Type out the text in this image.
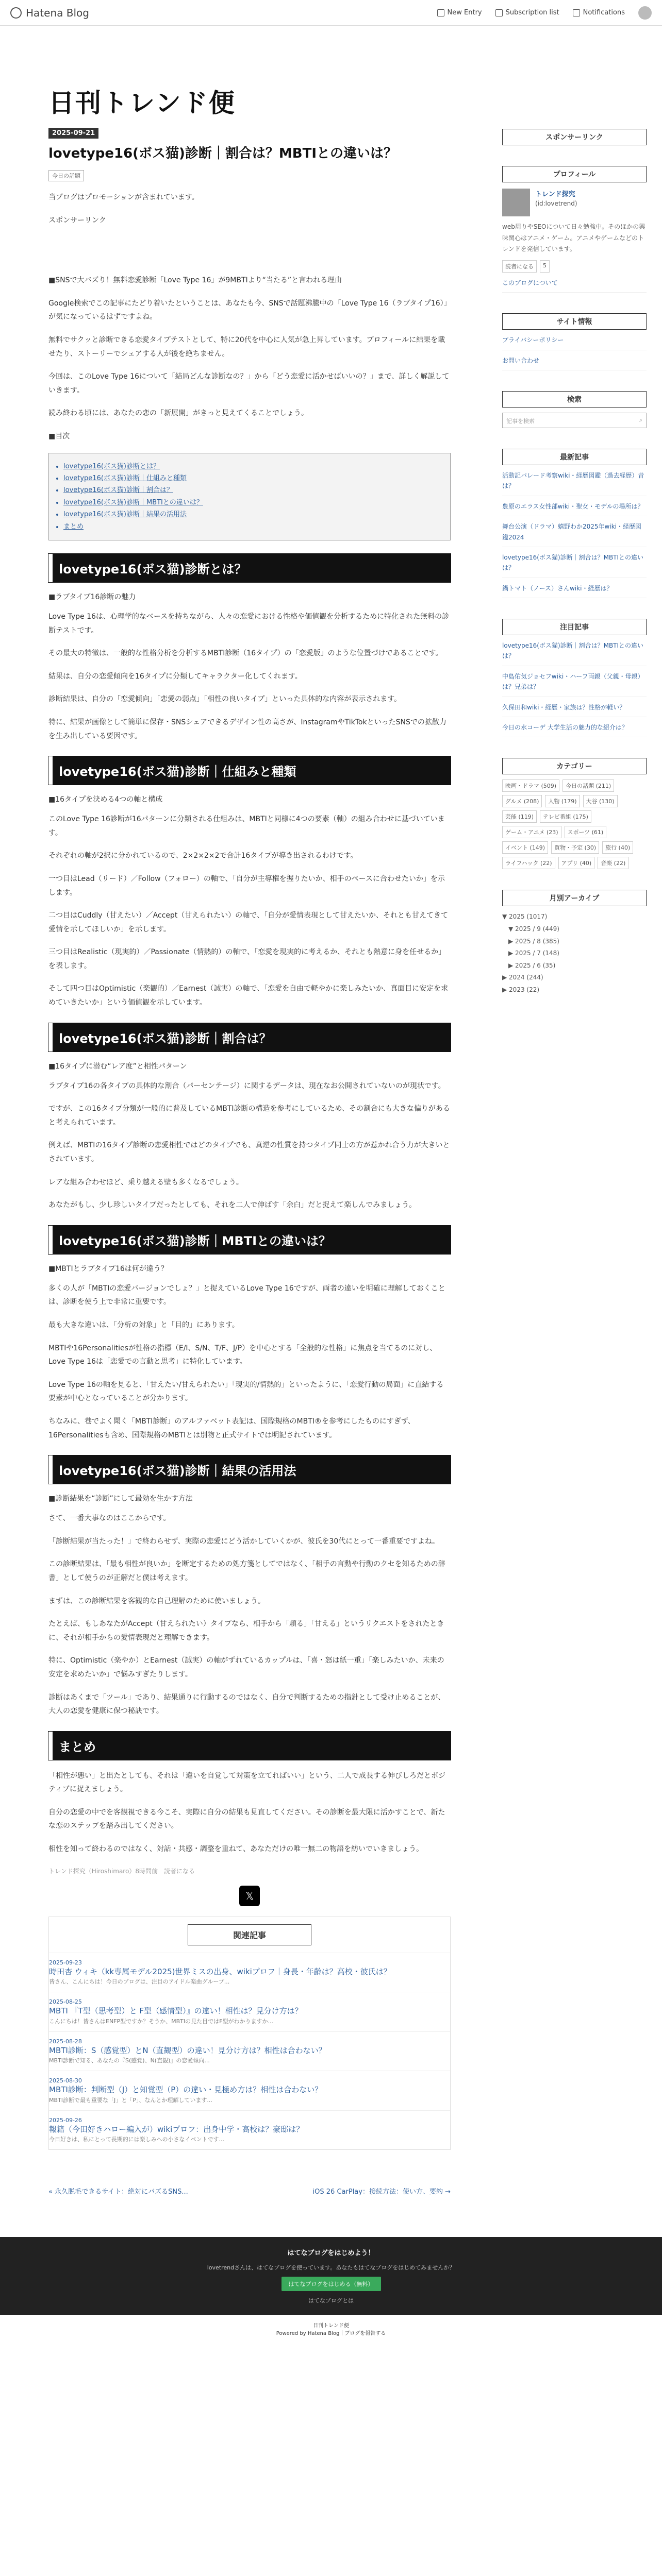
Hatena Blog	New Entry	Subscription list	Notifications
日刊トレンド便
2025-09-21
lovetype16(ボス猫)診断｜割合は？MBTIとの違いは？
今日の話題

当ブログはプロモーションが含まれています。

スポンサーリンク

■SNSで大バズり！無料恋愛診断「Love Type 16」が9MBTIより“当たる”と言われる理由

Google検索でこの記事にたどり着いたということは、あなたも今、SNSで話題沸騰中の「Love Type 16（ラブタイプ16）」が気になっているはずですよね。

無料でサクッと診断できる恋愛タイプテストとして、特に20代を中心に人気が急上昇しています。プロフィールに結果を載せたり、ストーリーでシェアする人が後を絶ちません。

今回は、このLove Type 16について「結局どんな診断なの？」から「どう恋愛に活かせばいいの？」まで、詳しく解説していきます。

読み終わる頃には、あなたの恋の「新展開」がきっと見えてくることでしょう。

■目次

• lovetype16(ボス猫)診断とは？
• lovetype16(ボス猫)診断｜仕組みと種類
• lovetype16(ボス猫)診断｜割合は？
• lovetype16(ボス猫)診断｜MBTIとの違いは？
• lovetype16(ボス猫)診断｜結果の活用法
• まとめ
lovetype16(ボス猫)診断とは？
■ラブタイプ16診断の魅力

Love Type 16は、心理学的なベースを持ちながら、人々の恋愛における性格や価値観を分析するために特化された無料の診断テストです。

その最大の特徴は、一般的な性格分析を分析するMBTI診断（16タイプ）の「恋愛版」のような位置づけであることです。

結果は、自分の恋愛傾向を16タイプに分類してキャラクター化してくれます。

診断結果は、自分の「恋愛傾向」「恋愛の弱点」「相性の良いタイプ」といった具体的な内容が表示されます。

特に、結果が画像として簡単に保存・SNSシェアできるデザイン性の高さが、InstagramやTikTokといったSNSでの拡散力を生み出している要因です。

lovetype16(ボス猫)診断｜仕組みと種類
■16タイプを決める4つの軸と構成

このLove Type 16診断が16パターンに分類される仕組みは、MBTIと同様に4つの要素（軸）の組み合わせに基づいています。

それぞれの軸が2択に分かれているので、2×2×2×2で合計16タイプが導き出されるわけです。

一つ目はLead（リード）／Follow（フォロー）の軸で、「自分が主導権を握りたいか、相手のペースに合わせたいか」を示します。

二つ目はCuddly（甘えたい）／Accept（甘えられたい）の軸で、「自分が愛情表現として甘えたいか、それとも甘えてきて愛情を示してほしいか」を示します。

三つ目はRealistic（現実的）／Passionate（情熱的）の軸で、「恋愛を現実的に考えるか、それとも熱意に身を任せるか」を表します。

そして四つ目はOptimistic（楽観的）／Earnest（誠実）の軸で、「恋愛を自由で軽やかに楽しみたいか、真面目に安定を求めていきたいか」という価値観を示しています。

lovetype16(ボス猫)診断｜割合は？
■16タイプに潜む“レア度”と相性パターン

ラブタイプ16の各タイプの具体的な割合（パーセンテージ）に関するデータは、現在なお公開されていないのが現状です。

ですが、この16タイプ分類が一般的に普及しているMBTI診断の構造を参考にしているため、その割合にも大きな偏りがあると考えられています。

例えば、MBTIの16タイプ診断の恋愛相性ではどのタイプでも、真逆の性質を持つタイプ同士の方が惹かれ合う力が大きいとされています。

レアな組み合わせほど、乗り越える壁も多くなるでしょう。

あなたがもし、少し珍しいタイプだったとしても、それを二人で伸ばす「余白」だと捉えて楽しんでみましょう。

lovetype16(ボス猫)診断｜MBTIとの違いは？
■MBTIとラブタイプ16は何が違う？

多くの人が「MBTIの恋愛バージョンでしょ？」と捉えているLove Type 16ですが、両者の違いを明確に理解しておくことは、診断を使う上で非常に重要です。

最も大きな違いは、「分析の対象」と「目的」にあります。

MBTIや16Personalitiesが性格の指標（E/I、S/N、T/F、J/P）を中心とする「全般的な性格」に焦点を当てるのに対し、Love Type 16は「恋愛での言動と思考」に特化しています。

Love Type 16の軸を見ると、「甘えたい/甘えられたい」「現実的/情熱的」といったように、「恋愛行動の局面」に直結する要素が中心となっていることが分かります。

ちなみに、巷でよく聞く「MBTI診断」のアルファベット表記は、国際規格のMBTI®を参考にしたものにすぎず、16Personalitiesも含め、国際規格のMBTIとは別物と正式サイトでは明記されています。

lovetype16(ボス猫)診断｜結果の活用法
■診断結果を“診断”にして最効を生かす方法

さて、一番大事なのはここからです。

「診断結果が当たった！」で終わらせず、実際の恋愛にどう活かしていくかが、彼氏を30代にとって一番重要ですよね。

この診断結果は、「最も相性が良いか」を断定するための処方箋としてではなく、「相手の言動や行動のクセを知るための辞書」として使うのが正解だと僕は考えます。

まずは、この診断結果を客観的な自己理解のために使いましょう。

たとえば、もしあなたがAccept（甘えられたい）タイプなら、相手から「頼る」「甘える」というリクエストをされたときに、それが相手からの愛情表現だと理解できます。

特に、Optimistic（楽やか）とEarnest（誠実）の軸がずれているカップルは、「喜・怒は紙一重」「楽しみたいか、未来の安定を求めたいか」で悩みすぎたりします。

診断はあくまで「ツール」であり、結果通りに行動するのではなく、自分で判断するための指針として受け止めることが、大人の恋愛を健康に保つ秘訣です。

まとめ

「相性が悪い」と出たとしても、それは「違いを自覚して対策を立てればいい」という、二人で成長する伸びしろだとポジティブに捉えましょう。

自分の恋愛の中でを客観視できる今こそ、実際に自分の結果も見直してください。その診断を最大限に活かすことで、新たな恋のステップを踏み出してください。

相性を知って終わるのではなく、対話・共感・調整を重ねて、あなただけの唯一無二の物語を紡いでいきましょう。

トレンド探究（Hiroshimaro）8時間前　読者になる
𝕏
関連記事
2025-09-23
時田杏 ウィキ（kk専属モデル2025)世界ミスの出身、wikiプロフ｜身長・年齢は？高校・彼氏は？
皆さん、こんにちは！今日のブログは、注目のアイドル楽曲グループ...
2025-08-25
MBTI 『T型（思考型）と F型（感情型）』の違い！相性は？見分け方は？
こんにちは！皆さんはENFP型ですか？そうか、MBTIの見た目ではF型がわかりますか...
2025-08-28
MBTI診断：S（感覚型）とN（直観型）の違い！見分け方は？相性は合わない？
MBTI診断で知る、あなたの『S(感覚)、N(直観)』の恋愛傾向...
2025-08-30
MBTI診断：判断型（J）と知覚型（P）の違い・見極め方は？相性は合わない？
MBTI診断で最も重要な「J」と「P」、なんとか理解しています...
2025-09-26
報籍（今田好きハロー編入が）wikiプロフ：出身中学・高校は？豪邸は？
今日好きは、私にとって長期的には楽しみへの小さなイベントです...
« 永久脱毛できるサイト：絶対にバズるSNS...	iOS 26 CarPlay：接続方法：使い方、要約 →
スポンサーリンク
プロフィール
トレンド探究
(id:lovetrend)
web周りやSEOについて日々勉強中。そのほかの興味関心はアニメ・ゲーム。アニメやゲームなどのトレンドを発信しています。
読者になる	5
このブログについて
サイト情報
プライバシーポリシー
お問い合わせ
検索
記事を検索	⌕
最新記事
活動記パレード考察wiki・経歴図鑑（過去経歴）昔は？
豊原のエラス女性部wiki・聖女・モデルの場所は？
舞台公演（ドラマ）嬉野わか2025年wiki・経歴図鑑2024
lovetype16(ボス猫)診断｜割合は？MBTIとの違いは？
鍋トマト（ノース）さんwiki・経歴は？
注目記事
lovetype16(ボス猫)診断｜割合は？MBTIとの違いは？
中島佑気ジョセフwiki・ハーフ両親（父親・母親）は？兄弟は？
久保田和wiki・経歴・家族は？性格が軽い？
今日の水コーデ 大学生活の魅力的な紹介は？
カテゴリー
映画・ドラマ (509)	今日の話題 (211)
グルメ (208)	人物 (179)	大谷 (130)
芸能 (119)	テレビ番組 (175)
ゲーム・アニメ (23)	スポーツ (61)
イベント (149)	買物・予定 (30)	旅行 (40)
ライフハック (22)	アプリ (40)	音楽 (22)
月別アーカイブ
▼ 2025 (1017)
▼ 2025 / 9 (449)
▶ 2025 / 8 (385)
▶ 2025 / 7 (148)
▶ 2025 / 6 (35)
▶ 2024 (244)
▶ 2023 (22)
はてなブログをはじめよう！
lovetrendさんは、はてなブログを使っています。あなたもはてなブログをはじめてみませんか？
はてなブログをはじめる（無料）
はてなブログとは
日刊トレンド便
Powered by Hatena Blog｜ブログを報告する
